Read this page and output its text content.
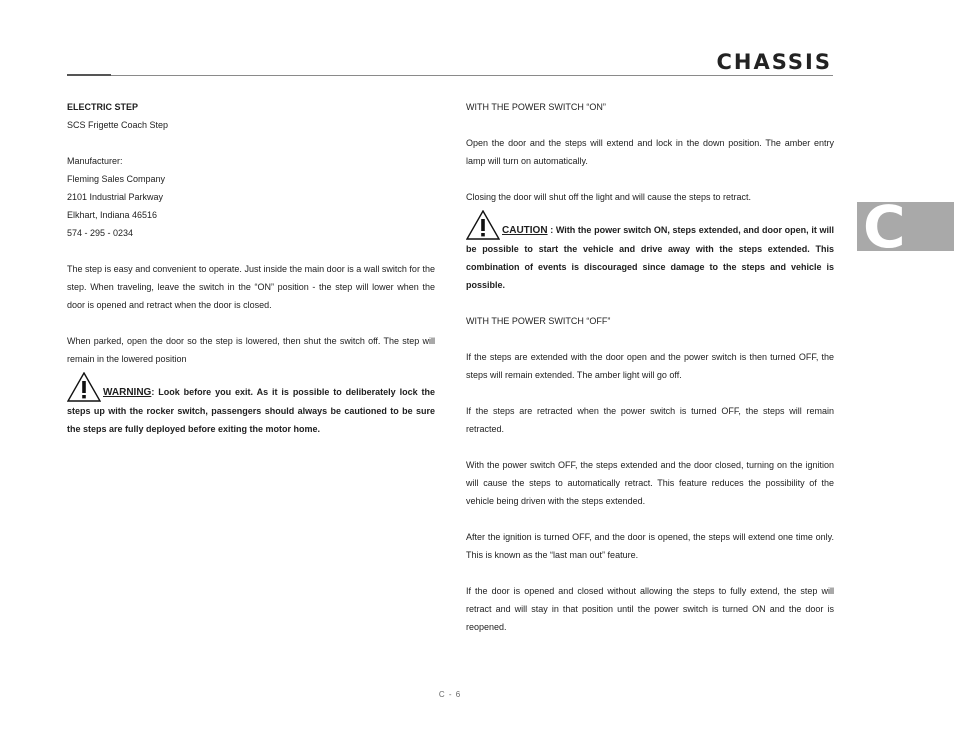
CHASSIS
C
ELECTRIC STEP
SCS Frigette Coach Step
Manufacturer:
Fleming Sales Company
2101 Industrial Parkway
Elkhart, Indiana 46516
574 - 295 - 0234
The step is easy and convenient to operate. Just inside the main door is a wall switch for the step. When traveling, leave the switch in the “ON” position - the step will lower when the door is opened and retract when the door is closed.
When parked, open the door so the step is lowered, then shut the switch off. The step will remain in the lowered position
WARNING: Look before you exit. As it is possible to deliberately lock the steps up with the rocker switch, passengers should always be cautioned to be sure the steps are fully deployed before exiting the motor home.
WITH THE POWER SWITCH “ON”
Open the door and the steps will extend and lock in the down position. The amber entry lamp will turn on automatically.
Closing the door will shut off the light and will cause the steps to retract.
CAUTION : With the power switch ON, steps extended, and door open, it will be possible to start the vehicle and drive away with the steps extended. This combination of events is discouraged since damage to the steps and vehicle is possible.
WITH THE POWER SWITCH “OFF”
If the steps are extended with the door open and the power switch is then turned OFF, the steps will remain extended. The amber light will go off.
If the steps are retracted when the power switch is turned OFF, the steps will remain retracted.
With the power switch OFF, the steps extended and the door closed, turning on the ignition will cause the steps to automatically retract. This feature reduces the possibility of the vehicle being driven with the steps extended.
After the ignition is turned OFF, and the door is opened, the steps will extend one time only. This is known as the “last man out” feature.
If the door is opened and closed without allowing the steps to fully extend, the step will retract and will stay in that position until the power switch is turned ON and the door is reopened.
C - 6
